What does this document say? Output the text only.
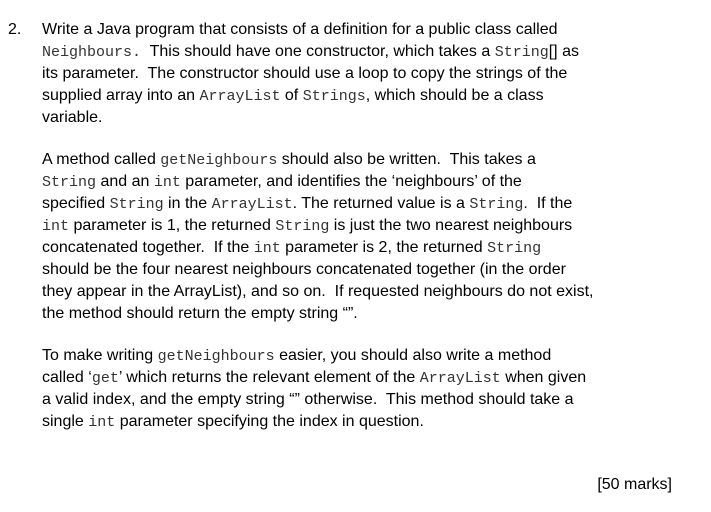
2. Write a Java program that consists of a definition for a public class called
Neighbours.  This should have one constructor, which takes a String[] as
its parameter.  The constructor should use a loop to copy the strings of the
supplied array into an ArrayList of Strings, which should be a class
variable.
A method called getNeighbours should also be written.  This takes a
String and an int parameter, and identifies the ‘neighbours’ of the
specified String in the ArrayList. The returned value is a String.  If the
int parameter is 1, the returned String is just the two nearest neighbours
concatenated together.  If the int parameter is 2, the returned String
should be the four nearest neighbours concatenated together (in the order
they appear in the ArrayList), and so on.  If requested neighbours do not exist,
the method should return the empty string “”.
To make writing getNeighbours easier, you should also write a method
called ‘get’ which returns the relevant element of the ArrayList when given
a valid index, and the empty string “” otherwise.  This method should take a
single int parameter specifying the index in question.
[50 marks]
